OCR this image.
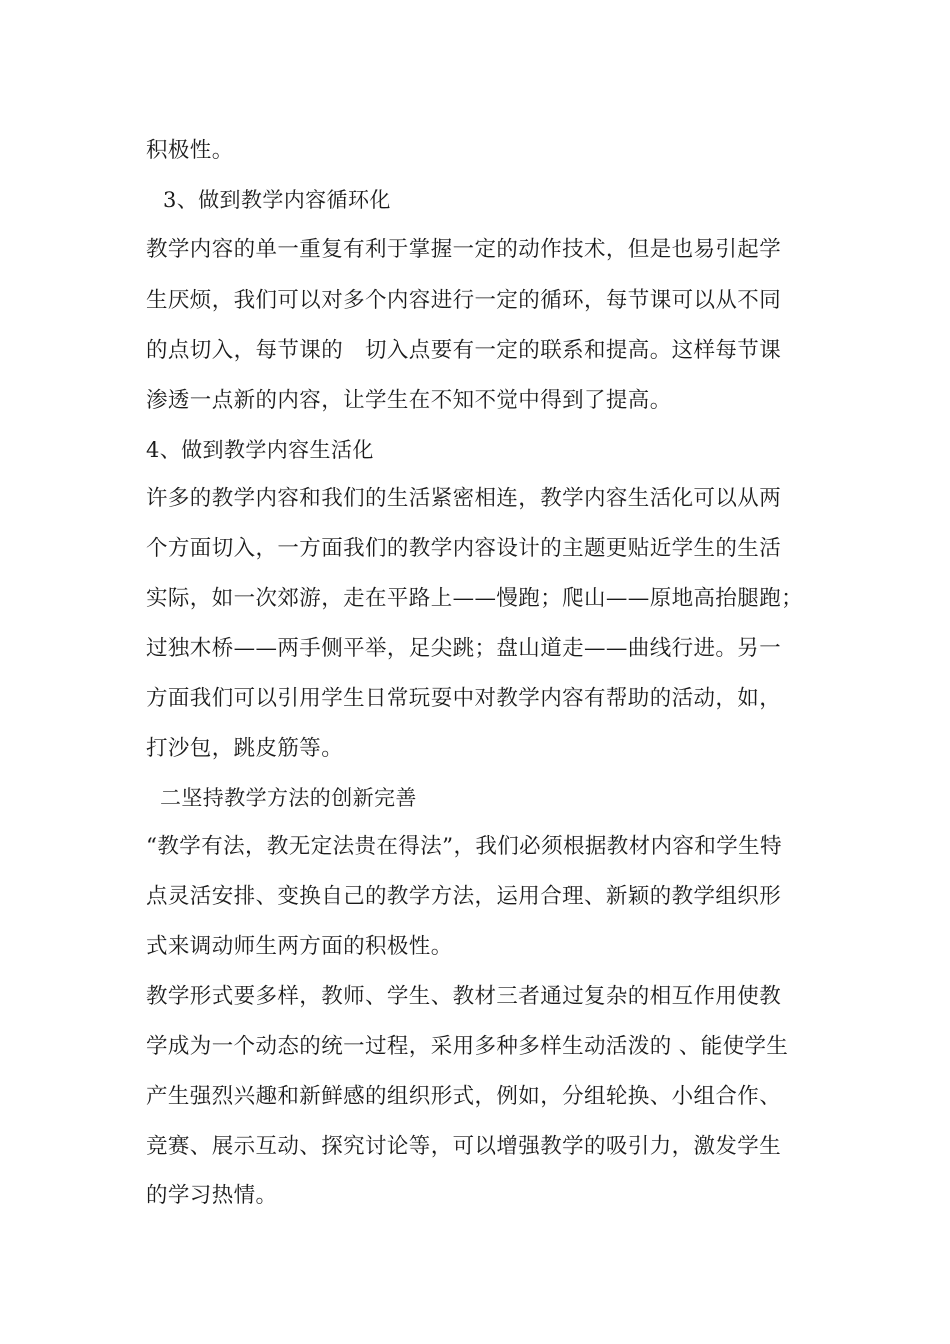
积极性。
3、做到教学内容循环化
教学内容的单一重复有利于掌握一定的动作技术，但是也易引起学
生厌烦，我们可以对多个内容进行一定的循环，每节课可以从不同
的点切入，每节课的　切入点要有一定的联系和提高。这样每节课
渗透一点新的内容，让学生在不知不觉中得到了提高。
4、做到教学内容生活化
许多的教学内容和我们的生活紧密相连，教学内容生活化可以从两
个方面切入，一方面我们的教学内容设计的主题更贴近学生的生活
实际，如一次郊游，走在平路上——慢跑；爬山——原地高抬腿跑；
过独木桥——两手侧平举，足尖跳；盘山道走——曲线行进。另一
方面我们可以引用学生日常玩耍中对教学内容有帮助的活动，如，
打沙包，跳皮筋等。
二坚持教学方法的创新完善
“教学有法，教无定法贵在得法”，我们必须根据教材内容和学生特
点灵活安排、变换自己的教学方法，运用合理、新颖的教学组织形
式来调动师生两方面的积极性。
教学形式要多样，教师、学生、教材三者通过复杂的相互作用使教
学成为一个动态的统一过程，采用多种多样生动活泼的 、能使学生
产生强烈兴趣和新鲜感的组织形式，例如，分组轮换、小组合作、
竞赛、展示互动、探究讨论等，可以增强教学的吸引力，激发学生
的学习热情。
